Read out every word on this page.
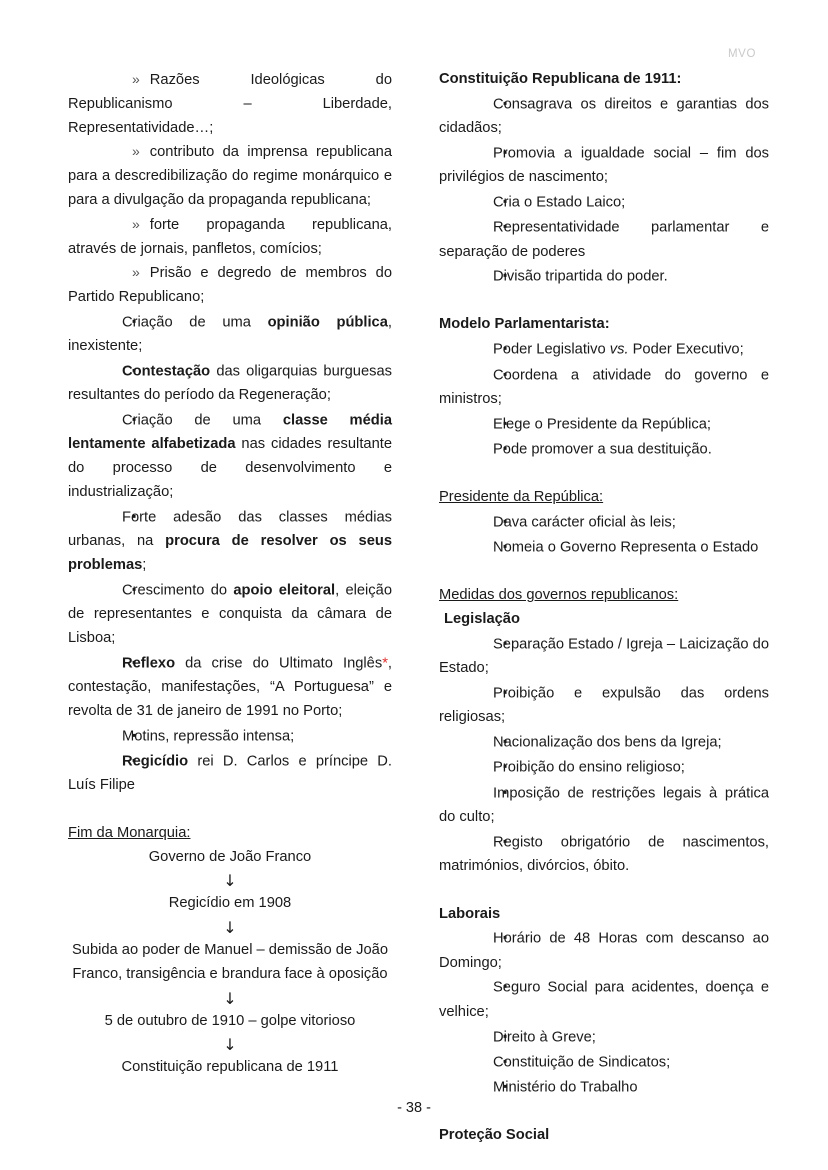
MVO

»Razões Ideológicas do Republicanismo – Liberdade, Representatividade…;

»contributo da imprensa republicana para a descredibilização do regime monárquico e para a divulgação da propaganda republicana;

»forte propaganda republicana, através de jornais, panfletos, comícios;

»Prisão e degredo de membros do Partido Republicano;

Criação de uma opinião pública, inexistente;

Contestação das oligarquias burguesas resultantes do período da Regeneração;

Criação de uma classe média lentamente alfabetizada nas cidades resultante do processo de desenvolvimento e industrialização;

Forte adesão das classes médias urbanas, na procura de resolver os seus problemas;

Crescimento do apoio eleitoral, eleição de representantes e conquista da câmara de Lisboa;

Reflexo da crise do Ultimato Inglês*, contestação, manifestações, “A Portuguesa” e revolta de 31 de janeiro de 1991 no Porto;

Motins, repressão intensa;

Regicídio rei D. Carlos e príncipe D. Luís Filipe

Fim da Monarquia:

Governo de João Franco
↓
Regicídio em 1908
↓
Subida ao poder de Manuel – demissão de João Franco, transigência e brandura face à oposição
↓
5 de outubro de 1910 – golpe vitorioso
↓
Constituição republicana de 1911

Constituição Republicana de 1911:

Consagrava os direitos e garantias dos cidadãos;

Promovia a igualdade social – fim dos privilégios de nascimento;

Cria o Estado Laico;

Representatividade parlamentar e separação de poderes

Divisão tripartida do poder.

Modelo Parlamentarista:

Poder Legislativo vs. Poder Executivo;

Coordena a atividade do governo e ministros;

Elege o Presidente da República;

Pode promover a sua destituição.

Presidente da República:

Dava carácter oficial às leis;

Nomeia o Governo Representa o Estado

Medidas dos governos republicanos:

Legislação

Separação Estado / Igreja – Laicização do Estado;

Proibição e expulsão das ordens religiosas;

Nacionalização dos bens da Igreja;

Proibição do ensino religioso;

Imposição de restrições legais à prática do culto;

Registo obrigatório de nascimentos, matrimónios, divórcios, óbito.

Laborais

Horário de 48 Horas com descanso ao Domingo;

Seguro Social para acidentes, doença e velhice;

Direito à Greve;

Constituição de Sindicatos;

Ministério do Trabalho

Proteção Social

- 38 -
